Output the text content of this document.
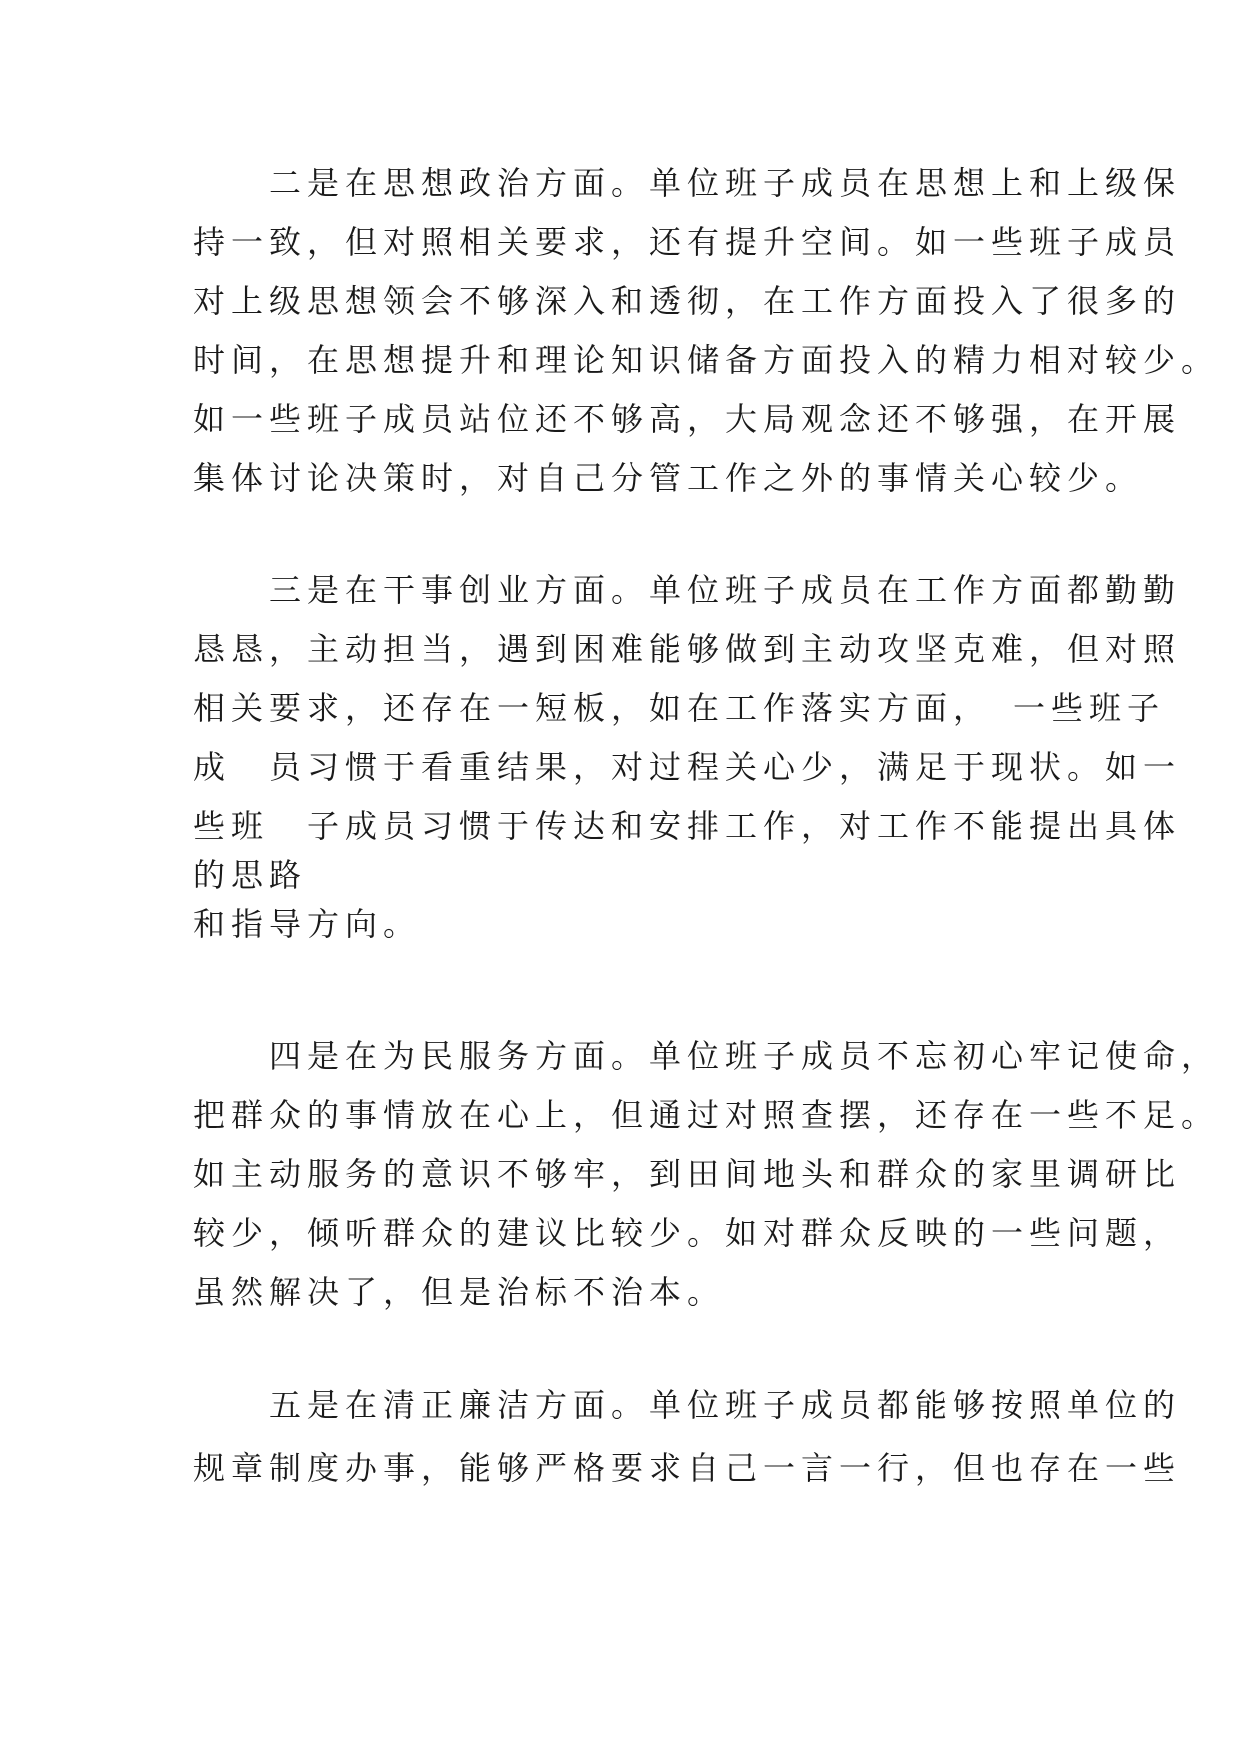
　　二是在思想政治方面。单位班子成员在思想上和上级保
持一致，但对照相关要求，还有提升空间。如一些班子成员
对上级思想领会不够深入和透彻，在工作方面投入了很多的
时间，在思想提升和理论知识储备方面投入的精力相对较少。
如一些班子成员站位还不够高，大局观念还不够强，在开展
集体讨论决策时，对自己分管工作之外的事情关心较少。
　　三是在干事创业方面。单位班子成员在工作方面都勤勤
恳恳，主动担当，遇到困难能够做到主动攻坚克难，但对照
相关要求，还存在一短板，如在工作落实方面，　一些班子
成　员习惯于看重结果，对过程关心少，满足于现状。如一
些班　子成员习惯于传达和安排工作，对工作不能提出具体
的思路
和指导方向。
　　四是在为民服务方面。单位班子成员不忘初心牢记使命，
把群众的事情放在心上，但通过对照查摆，还存在一些不足。
如主动服务的意识不够牢，到田间地头和群众的家里调研比
较少，倾听群众的建议比较少。如对群众反映的一些问题，
虽然解决了，但是治标不治本。
　　五是在清正廉洁方面。单位班子成员都能够按照单位的
规章制度办事，能够严格要求自己一言一行，但也存在一些
